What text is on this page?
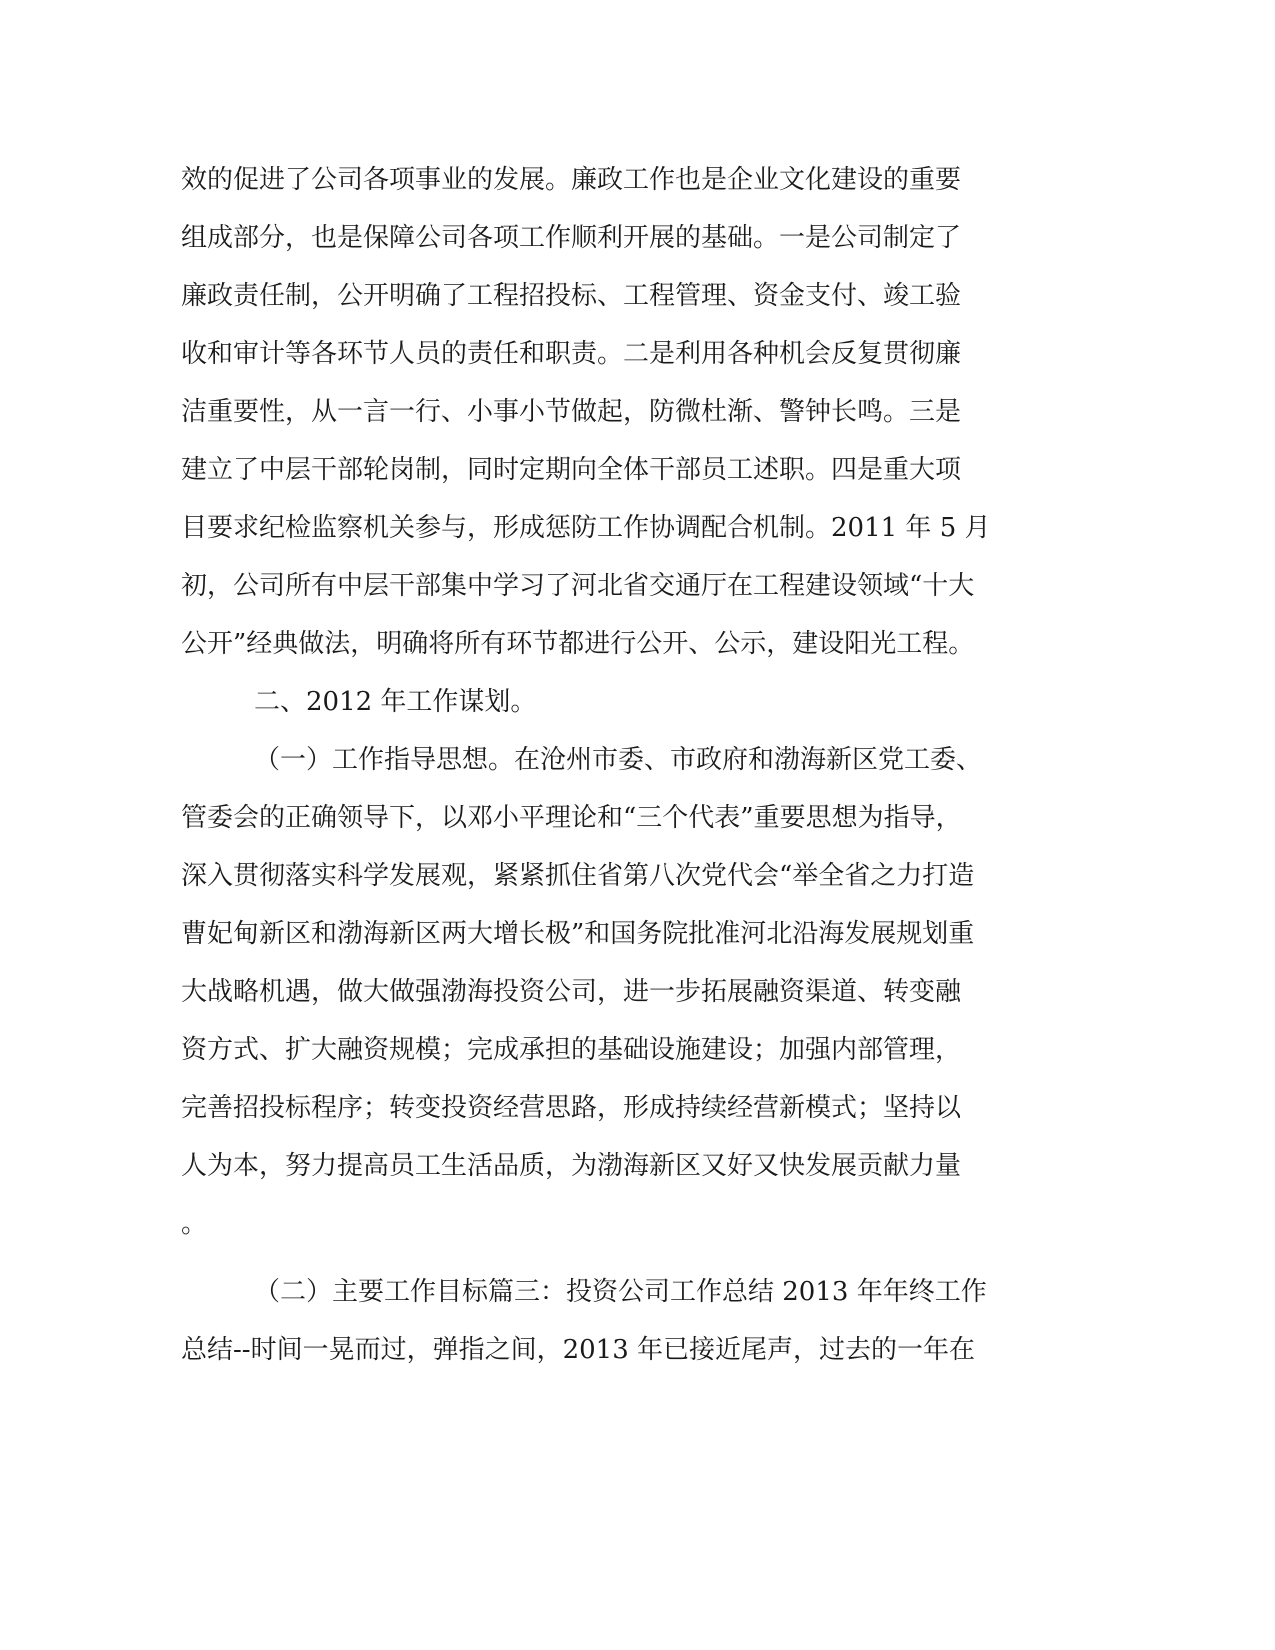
效的促进了公司各项事业的发展。廉政工作也是企业文化建设的重要
组成部分，也是保障公司各项工作顺利开展的基础。一是公司制定了
廉政责任制，公开明确了工程招投标、工程管理、资金支付、竣工验
收和审计等各环节人员的责任和职责。二是利用各种机会反复贯彻廉
洁重要性，从一言一行、小事小节做起，防微杜渐、警钟长鸣。三是
建立了中层干部轮岗制，同时定期向全体干部员工述职。四是重大项
目要求纪检监察机关参与，形成惩防工作协调配合机制。2011 年 5 月
初，公司所有中层干部集中学习了河北省交通厅在工程建设领域“十大
公开”经典做法，明确将所有环节都进行公开、公示，建设阳光工程。
二、2012 年工作谋划。
（一）工作指导思想。在沧州市委、市政府和渤海新区党工委、
管委会的正确领导下，以邓小平理论和“三个代表”重要思想为指导，
深入贯彻落实科学发展观，紧紧抓住省第八次党代会“举全省之力打造
曹妃甸新区和渤海新区两大增长极”和国务院批准河北沿海发展规划重
大战略机遇，做大做强渤海投资公司，进一步拓展融资渠道、转变融
资方式、扩大融资规模；完成承担的基础设施建设；加强内部管理，
完善招投标程序；转变投资经营思路，形成持续经营新模式；坚持以
人为本，努力提高员工生活品质，为渤海新区又好又快发展贡献力量
。
（二）主要工作目标篇三：投资公司工作总结 2013 年年终工作
总结--时间一晃而过，弹指之间，2013 年已接近尾声，过去的一年在
